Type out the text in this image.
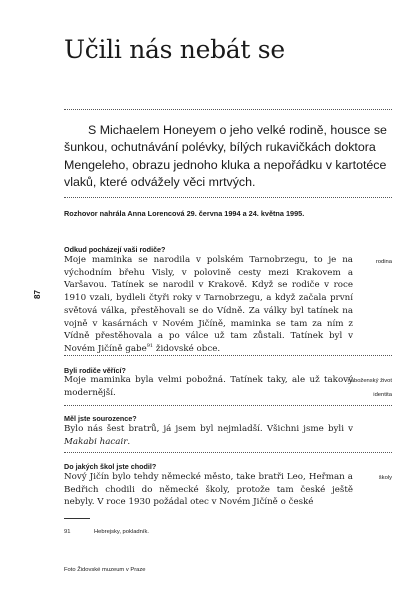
Učili nás nebát se

S Michaelem Honeyem o jeho velké rodině, housce se šunkou, ochutnávání polévky, bílých rukavičkách doktora Mengeleho, obrazu jednoho kluka a nepořádku v kartotéce vlaků, které odvážely věci mrtvých.

Rozhovor nahrála Anna Lorencová 29. června 1994 a 24. května 1995.
87
Odkud pocházejí vaši rodiče?
rodina
Moje maminka se narodila v polském Tarnobrzegu, to je na východním břehu Visly, v polovině cesty mezi Krakovem a Varšavou. Tatínek se narodil v Krakově. Když se rodiče v roce 1910 vzali, bydleli čtyři roky v Tarnobrzegu, a když začala první světová válka, přestěhovali se do Vídně. Za války byl tatínek na vojně v kasárnách v Novém Jičíně, maminka se tam za ním z Vídně přestěhovala a po válce už tam zůstali. Tatínek byl v Novém Jičíně gabe$^{91}$ židovské obce.
Byli rodiče věřící?
náboženský život
identita
Moje maminka byla velmi pobožná. Tatínek taky, ale už takový modernější.
Měl jste sourozence?
Bylo nás šest bratrů, já jsem byl nejmladší. Všichni jsme byli v Makabi hacair.
Do jakých škol jste chodil?
školy
Nový Jičín bylo tehdy německé město, take bratři Leo, Heřman a Bedřich chodili do německé školy, protože tam české ještě nebyly. V roce 1930 požádal otec v Novém Jičíně o české
91	Hebrejsky, pokladník.
Foto Židovské muzeum v Praze
